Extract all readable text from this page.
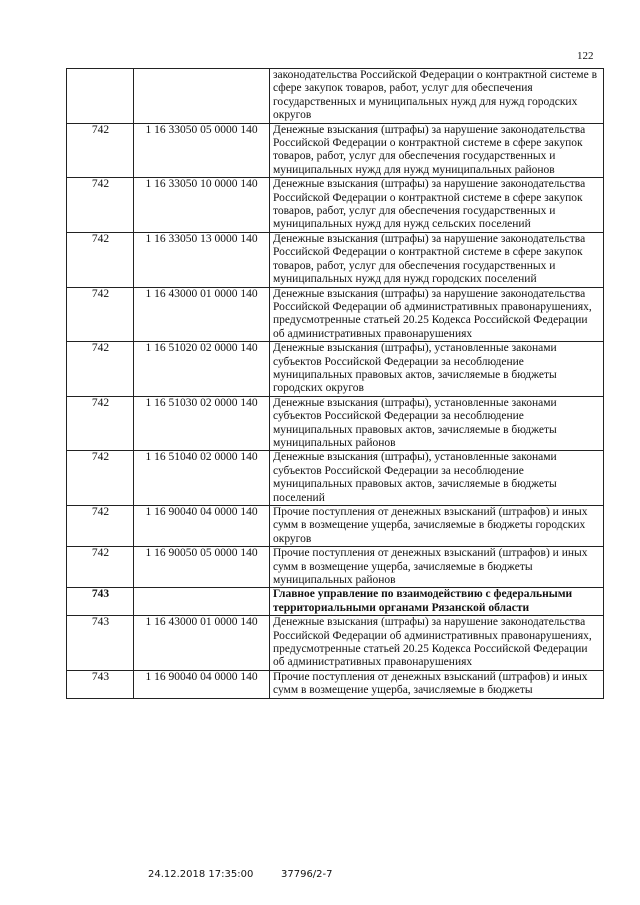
122
		законодательства Российской Федерации о контрактной системе в сфере закупок товаров, работ, услуг для обеспечения государственных и муниципальных нужд для нужд городских округов
742	1 16 33050 05 0000 140	Денежные взыскания (штрафы) за нарушение законодательства Российской Федерации о контрактной системе в сфере закупок товаров, работ, услуг для обеспечения государственных и муниципальных нужд для нужд муниципальных районов
742	1 16 33050 10 0000 140	Денежные взыскания (штрафы) за нарушение законодательства Российской Федерации о контрактной системе в сфере закупок товаров, работ, услуг для обеспечения государственных и муниципальных нужд для нужд сельских поселений
742	1 16 33050 13 0000 140	Денежные взыскания (штрафы) за нарушение законодательства Российской Федерации о контрактной системе в сфере закупок товаров, работ, услуг для обеспечения государственных и муниципальных нужд для нужд городских поселений
742	1 16 43000 01 0000 140	Денежные взыскания (штрафы) за нарушение законодательства Российской Федерации об административных правонарушениях, предусмотренные статьей 20.25 Кодекса Российской Федерации об административных правонарушениях
742	1 16 51020 02 0000 140	Денежные взыскания (штрафы), установленные законами субъектов Российской Федерации за несоблюдение муниципальных правовых актов, зачисляемые в бюджеты городских округов
742	1 16 51030 02 0000 140	Денежные взыскания (штрафы), установленные законами субъектов Российской Федерации за несоблюдение муниципальных правовых актов, зачисляемые в бюджеты муниципальных районов
742	1 16 51040 02 0000 140	Денежные взыскания (штрафы), установленные законами субъектов Российской Федерации за несоблюдение муниципальных правовых актов, зачисляемые в бюджеты поселений
742	1 16 90040 04 0000 140	Прочие поступления от денежных взысканий (штрафов) и иных сумм в возмещение ущерба, зачисляемые в бюджеты городских округов
742	1 16 90050 05 0000 140	Прочие поступления от денежных взысканий (штрафов) и иных сумм в возмещение ущерба, зачисляемые в бюджеты муниципальных районов
743		Главное управление по взаимодействию с федеральными территориальными органами Рязанской области
743	1 16 43000 01 0000 140	Денежные взыскания (штрафы) за нарушение законодательства Российской Федерации об административных правонарушениях, предусмотренные статьей 20.25 Кодекса Российской Федерации об административных правонарушениях
743	1 16 90040 04 0000 140	Прочие поступления от денежных взысканий (штрафов) и иных сумм в возмещение ущерба, зачисляемые в бюджеты
24.12.2018 17:35:00	37796/2-7
